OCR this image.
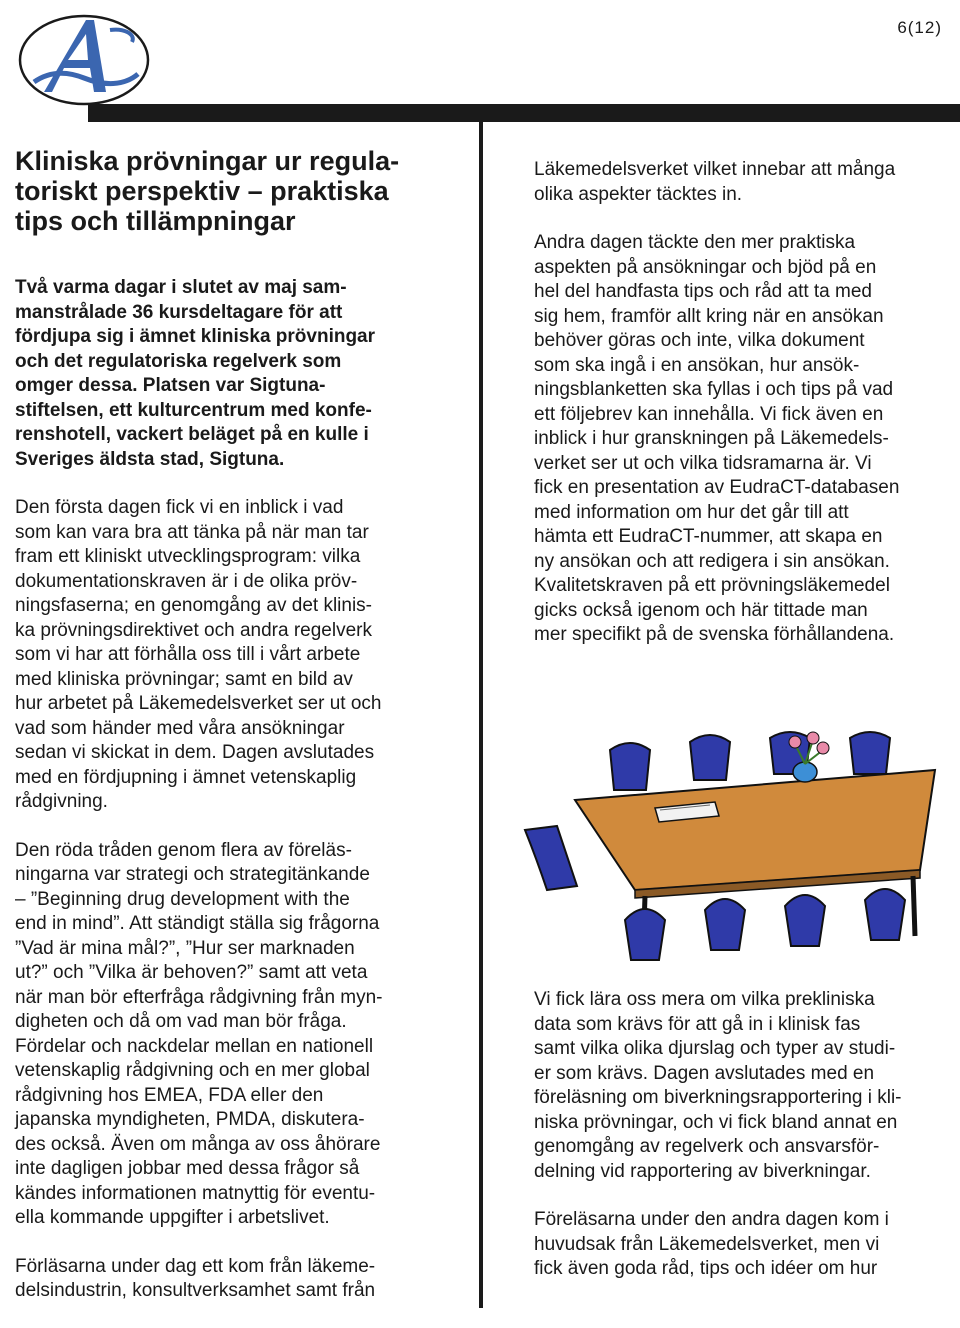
6(12)
Kliniska prövningar ur regula-
toriskt perspektiv – praktiska
tips och tillämpningar

Två varma dagar i slutet av maj sam-
manstrålade 36 kursdeltagare för att
fördjupa sig i ämnet kliniska prövningar
och det regulatoriska regelverk som
omger dessa. Platsen var Sigtuna-
stiftelsen, ett kulturcentrum med konfe-
renshotell, vackert beläget på en kulle i
Sveriges äldsta stad, Sigtuna.

Den första dagen fick vi en inblick i vad
som kan vara bra att tänka på när man tar
fram ett kliniskt utvecklingsprogram: vilka
dokumentationskraven är i de olika pröv-
ningsfaserna; en genomgång av det klinis-
ka prövningsdirektivet och andra regelverk
som vi har att förhålla oss till i vårt arbete
med kliniska prövningar; samt en bild av
hur arbetet på Läkemedelsverket ser ut och
vad som händer med våra ansökningar
sedan vi skickat in dem. Dagen avslutades
med en fördjupning i ämnet vetenskaplig
rådgivning.

Den röda tråden genom flera av föreläs-
ningarna var strategi och strategitänkande
– ”Beginning drug development with the
end in mind”. Att ständigt ställa sig frågorna
”Vad är mina mål?”, ”Hur ser marknaden
ut?” och ”Vilka är behoven?” samt att veta
när man bör efterfråga rådgivning från myn-
digheten och då om vad man bör fråga.
Fördelar och nackdelar mellan en nationell
vetenskaplig rådgivning och en mer global
rådgivning hos EMEA, FDA eller den
japanska myndigheten, PMDA, diskutera-
des också. Även om många av oss åhörare
inte dagligen jobbar med dessa frågor så
kändes informationen matnyttig för eventu-
ella kommande uppgifter i arbetslivet.

Förläsarna under dag ett kom från läkeme-
delsindustrin, konsultverksamhet samt från

Läkemedelsverket vilket innebar att många
olika aspekter täcktes in.

Andra dagen täckte den mer praktiska
aspekten på ansökningar och bjöd på en
hel del handfasta tips och råd att ta med
sig hem, framför allt kring när en ansökan
behöver göras och inte, vilka dokument
som ska ingå i en ansökan, hur ansök-
ningsblanketten ska fyllas i och tips på vad
ett följebrev kan innehålla. Vi fick även en
inblick i hur granskningen på Läkemedels-
verket ser ut och vilka tidsramarna är. Vi
fick en presentation av EudraCT-databasen
med information om hur det går till att
hämta ett EudraCT-nummer, att skapa en
ny ansökan och att redigera i sin ansökan.
Kvalitetskraven på ett prövningsläkemedel
gicks också igenom och här tittade man
mer specifikt på de svenska förhållandena.

Vi fick lära oss mera om vilka prekliniska
data som krävs för att gå in i klinisk fas
samt vilka olika djurslag och typer av studi-
er som krävs. Dagen avslutades med en
föreläsning om biverkningsrapportering i kli-
niska prövningar, och vi fick bland annat en
genomgång av regelverk och ansvarsför-
delning vid rapportering av biverkningar.

Föreläsarna under den andra dagen kom i
huvudsak från Läkemedelsverket, men vi
fick även goda råd, tips och idéer om hur
